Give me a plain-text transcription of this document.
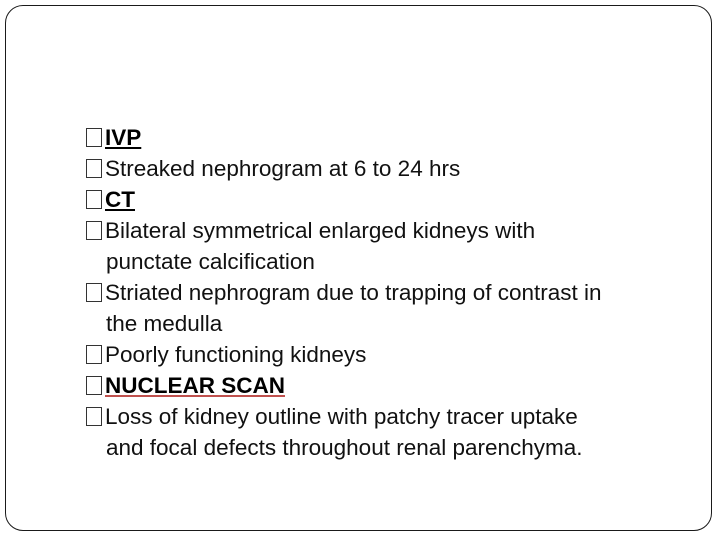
IVP
Streaked nephrogram at 6 to 24 hrs
CT
Bilateral symmetrical enlarged kidneys with
punctate calcification
Striated nephrogram due to trapping of contrast in
the medulla
Poorly functioning kidneys
NUCLEAR SCAN
Loss of kidney outline with patchy tracer uptake
and focal defects throughout renal parenchyma.
